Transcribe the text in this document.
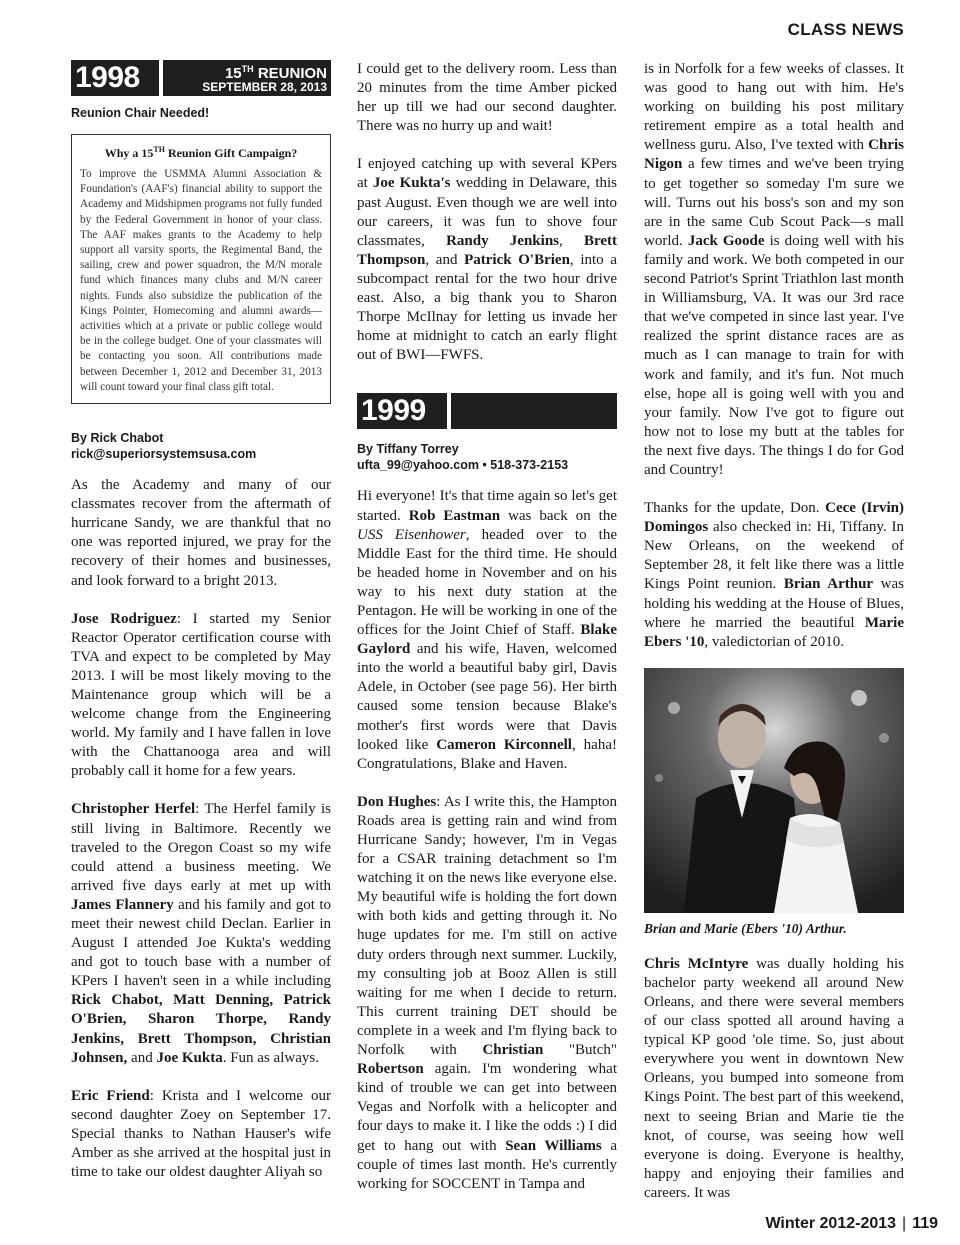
CLASS NEWS
1998	15TH REUNION
SEPTEMBER 28, 2013
Reunion Chair Needed!
Why a 15TH Reunion Gift Campaign?
To improve the USMMA Alumni Association & Foundation's (AAF's) financial ability to support the Academy and Midshipmen programs not fully funded by the Federal Government in honor of your class. The AAF makes grants to the Academy to help support all varsity sports, the Regimental Band, the sailing, crew and power squadron, the M/N morale fund which finances many clubs and M/N career nights. Funds also subsidize the publication of the Kings Pointer, Homecoming and alumni awards—activities which at a private or public college would be in the college budget. One of your classmates will be contacting you soon. All contributions made between December 1, 2012 and December 31, 2013 will count toward your final class gift total.
By Rick Chabot
rick@superiorsystemsusa.com

As the Academy and many of our classmates recover from the aftermath of hurricane Sandy, we are thankful that no one was reported injured, we pray for the recovery of their homes and businesses, and look forward to a bright 2013.

Jose Rodriguez: I started my Senior Reactor Operator certification course with TVA and expect to be completed by May 2013. I will be most likely moving to the Maintenance group which will be a welcome change from the Engineering world. My family and I have fallen in love with the Chattanooga area and will probably call it home for a few years.

Christopher Herfel: The Herfel family is still living in Baltimore. Recently we traveled to the Oregon Coast so my wife could attend a business meeting. We arrived five days early at met up with James Flannery and his family and got to meet their newest child Declan. Earlier in August I attended Joe Kukta's wedding and got to touch base with a number of KPers I haven't seen in a while including Rick Chabot, Matt Denning, Patrick O'Brien, Sharon Thorpe, Randy Jenkins, Brett Thompson, Christian Johnsen, and Joe Kukta. Fun as always.

Eric Friend: Krista and I welcome our second daughter Zoey on September 17. Special thanks to Nathan Hauser's wife Amber as she arrived at the hospital just in time to take our oldest daughter Aliyah so

I could get to the delivery room. Less than 20 minutes from the time Amber picked her up till we had our second daughter. There was no hurry up and wait!

I enjoyed catching up with several KPers at Joe Kukta's wedding in Delaware, this past August. Even though we are well into our careers, it was fun to shove four classmates, Randy Jenkins, Brett Thompson, and Patrick O'Brien, into a subcompact rental for the two hour drive east. Also, a big thank you to Sharon Thorpe McIlnay for letting us invade her home at midnight to catch an early flight out of BWI—FWFS.

1999
By Tiffany Torrey
ufta_99@yahoo.com • 518-373-2153

Hi everyone! It's that time again so let's get started. Rob Eastman was back on the USS Eisenhower, headed over to the Middle East for the third time. He should be headed home in November and on his way to his next duty station at the Pentagon. He will be working in one of the offices for the Joint Chief of Staff. Blake Gaylord and his wife, Haven, welcomed into the world a beautiful baby girl, Davis Adele, in October (see page 56). Her birth caused some tension because Blake's mother's first words were that Davis looked like Cameron Kirconnell, haha! Congratulations, Blake and Haven.

Don Hughes: As I write this, the Hampton Roads area is getting rain and wind from Hurricane Sandy; however, I'm in Vegas for a CSAR training detachment so I'm watching it on the news like everyone else. My beautiful wife is holding the fort down with both kids and getting through it. No huge updates for me. I'm still on active duty orders through next summer. Luckily, my consulting job at Booz Allen is still waiting for me when I decide to return. This current training DET should be complete in a week and I'm flying back to Norfolk with Christian "Butch" Robertson again. I'm wondering what kind of trouble we can get into between Vegas and Norfolk with a helicopter and four days to make it. I like the odds :) I did get to hang out with Sean Williams a couple of times last month. He's currently working for SOCCENT in Tampa and

is in Norfolk for a few weeks of classes. It was good to hang out with him. He's working on building his post military retirement empire as a total health and wellness guru. Also, I've texted with Chris Nigon a few times and we've been trying to get together so someday I'm sure we will. Turns out his boss's son and my son are in the same Cub Scout Pack—s mall world. Jack Goode is doing well with his family and work. We both competed in our second Patriot's Sprint Triathlon last month in Williamsburg, VA. It was our 3rd race that we've competed in since last year. I've realized the sprint distance races are as much as I can manage to train for with work and family, and it's fun. Not much else, hope all is going well with you and your family. Now I've got to figure out how not to lose my butt at the tables for the next five days. The things I do for God and Country!

Thanks for the update, Don. Cece (Irvin) Domingos also checked in: Hi, Tiffany. In New Orleans, on the weekend of September 28, it felt like there was a little Kings Point reunion. Brian Arthur was holding his wedding at the House of Blues, where he married the beautiful Marie Ebers '10, valedictorian of 2010.

Brian and Marie (Ebers '10) Arthur.

Chris McIntyre was dually holding his bachelor party weekend all around New Orleans, and there were several members of our class spotted all around having a typical KP good 'ole time. So, just about everywhere you went in downtown New Orleans, you bumped into someone from Kings Point. The best part of this weekend, next to seeing Brian and Marie tie the knot, of course, was seeing how well everyone is doing. Everyone is healthy, happy and enjoying their families and careers. It was

Winter 2012-2013 | 119
